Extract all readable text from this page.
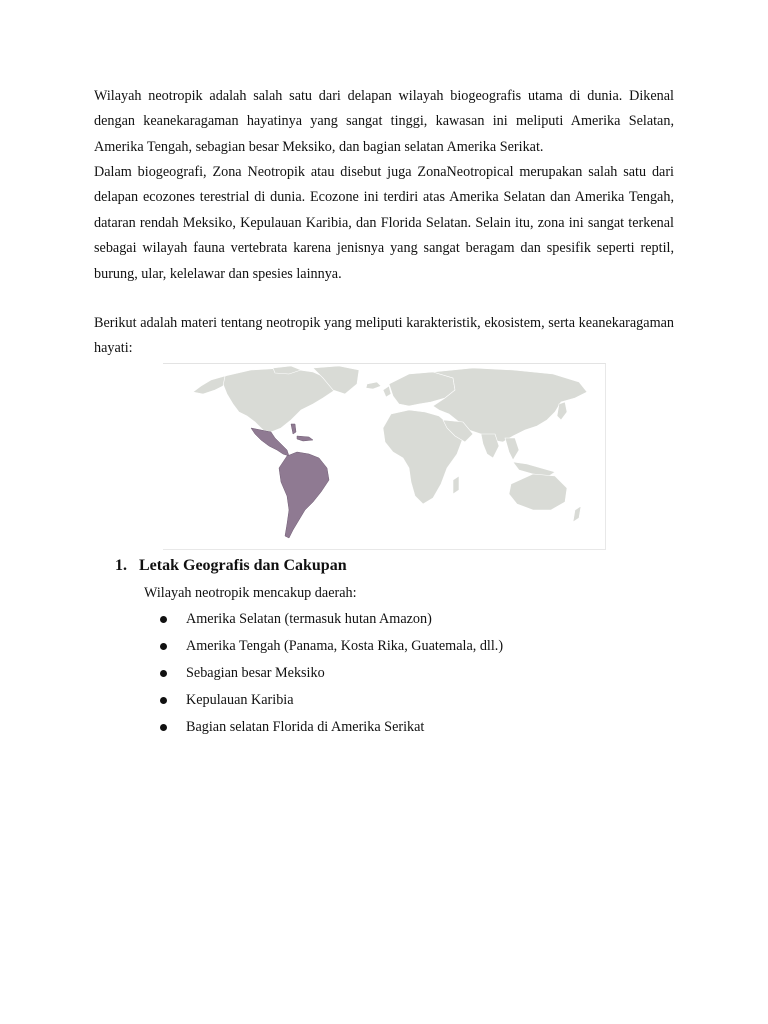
Wilayah neotropik adalah salah satu dari delapan wilayah biogeografis utama di dunia. Dikenal dengan keanekaragaman hayatinya yang sangat tinggi, kawasan ini meliputi Amerika Selatan, Amerika Tengah, sebagian besar Meksiko, dan bagian selatan Amerika Serikat.

Dalam biogeografi, Zona Neotropik atau disebut juga ZonaNeotropical merupakan salah satu dari delapan ecozones terestrial di dunia. Ecozone ini terdiri atas Amerika Selatan dan Amerika Tengah, dataran rendah Meksiko, Kepulauan Karibia, dan Florida Selatan. Selain itu, zona ini sangat terkenal sebagai wilayah fauna vertebrata karena jenisnya yang sangat beragam dan spesifik seperti reptil, burung, ular, kelelawar dan spesies lainnya.

Berikut adalah materi tentang neotropik yang meliputi karakteristik, ekosistem, serta keanekaragaman hayati:

1. Letak Geografis dan Cakupan

Wilayah neotropik mencakup daerah:

Amerika Selatan (termasuk hutan Amazon)
Amerika Tengah (Panama, Kosta Rika, Guatemala, dll.)
Sebagian besar Meksiko
Kepulauan Karibia
Bagian selatan Florida di Amerika Serikat
